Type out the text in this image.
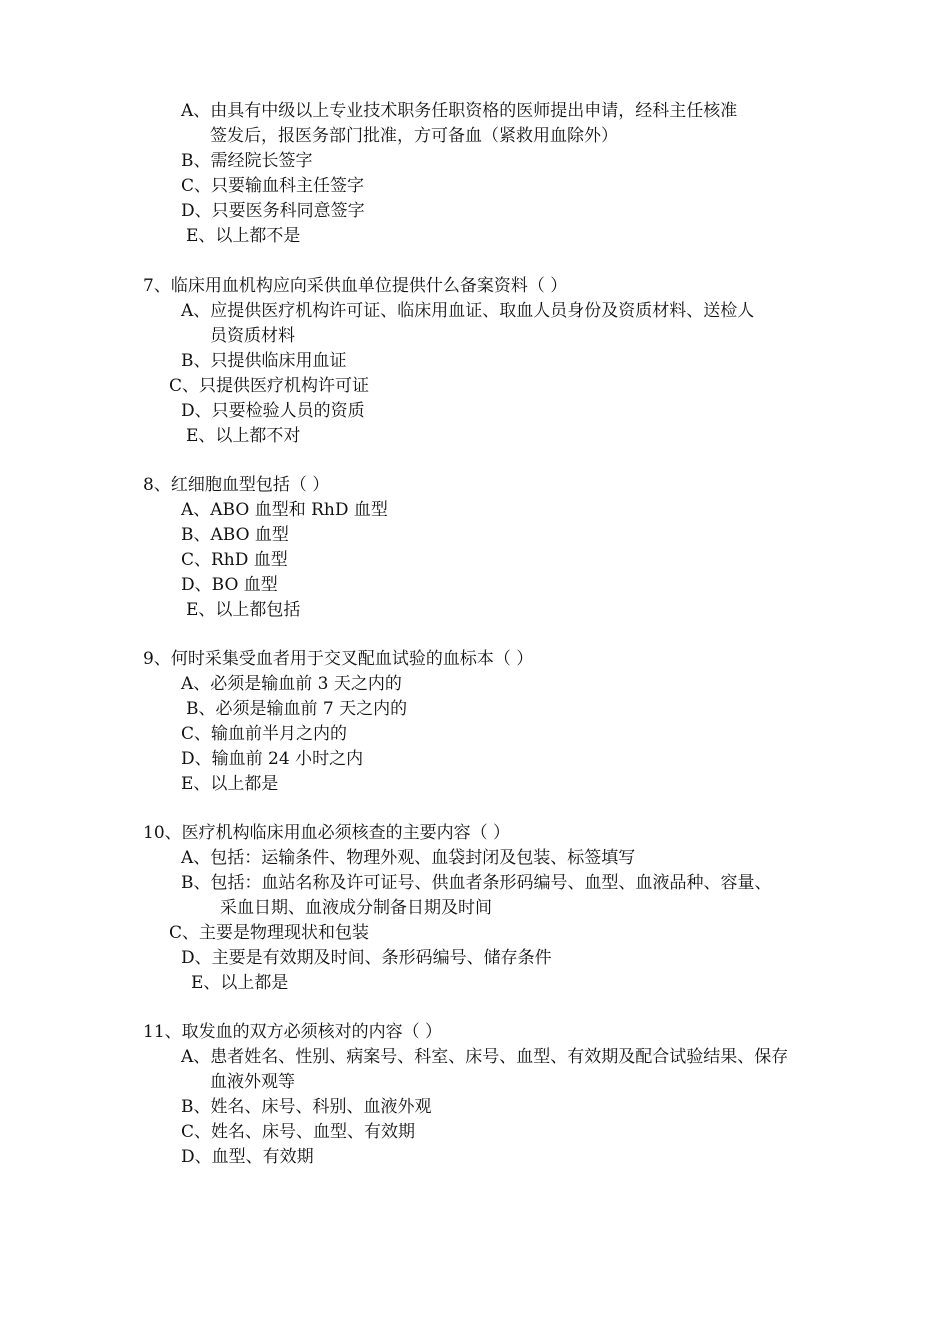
A、由具有中级以上专业技术职务任职资格的医师提出申请，经科主任核准
签发后，报医务部门批准，方可备血（紧救用血除外）
B、需经院长签字
C、只要输血科主任签字
D、只要医务科同意签字
E、以上都不是
7、临床用血机构应向采供血单位提供什么备案资料（ ）
A、应提供医疗机构许可证、临床用血证、取血人员身份及资质材料、送检人
员资质材料
B、只提供临床用血证
C、只提供医疗机构许可证
D、只要检验人员的资质
E、以上都不对
8、红细胞血型包括（ ）
A、ABO 血型和 RhD 血型
B、ABO 血型
C、RhD 血型
D、BO 血型
E、以上都包括
9、何时采集受血者用于交叉配血试验的血标本（ ）
A、必须是输血前 3 天之内的
B、必须是输血前 7 天之内的
C、输血前半月之内的
D、输血前 24 小时之内
E、以上都是
10、医疗机构临床用血必须核查的主要内容（ ）
A、包括：运输条件、物理外观、血袋封闭及包装、标签填写
B、包括：血站名称及许可证号、供血者条形码编号、血型、血液品种、容量、
采血日期、血液成分制备日期及时间
C、主要是物理现状和包装
D、主要是有效期及时间、条形码编号、储存条件
E、以上都是
11、取发血的双方必须核对的内容（ ）
A、患者姓名、性别、病案号、科室、床号、血型、有效期及配合试验结果、保存
血液外观等
B、姓名、床号、科别、血液外观
C、姓名、床号、血型、有效期
D、血型、有效期
